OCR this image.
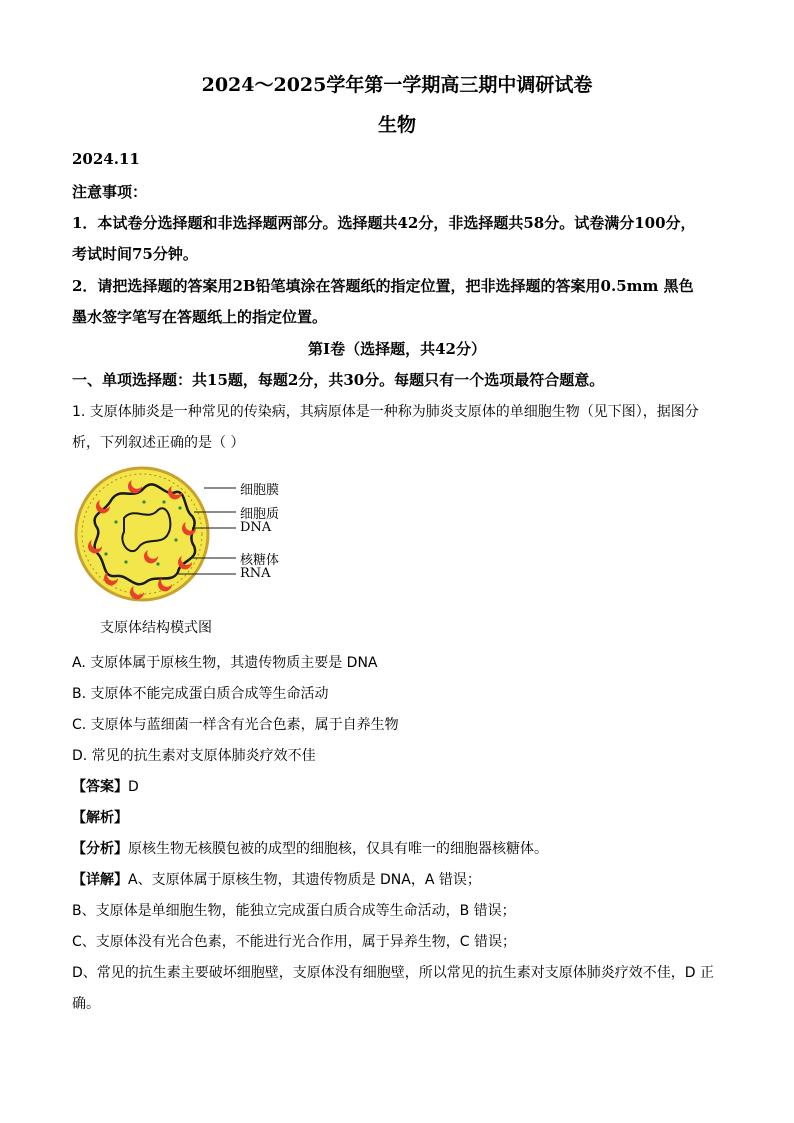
2024～2025学年第一学期高三期中调研试卷
生物
2024.11
注意事项：
1．本试卷分选择题和非选择题两部分。选择题共42分，非选择题共58分。试卷满分100分，
考试时间75分钟。
2．请把选择题的答案用2B铅笔填涂在答题纸的指定位置，把非选择题的答案用0.5mm 黑色
墨水签字笔写在答题纸上的指定位置。
第Ⅰ卷（选择题，共42分）
一、单项选择题：共15题，每题2分，共30分。每题只有一个选项最符合题意。
1. 支原体肺炎是一种常见的传染病，其病原体是一种称为肺炎支原体的单细胞生物（见下图），据图分
析，下列叙述正确的是（ ）
细胞膜
细胞质
DNA
核糖体
RNA
支原体结构模式图
A. 支原体属于原核生物，其遗传物质主要是 DNA
B. 支原体不能完成蛋白质合成等生命活动
C. 支原体与蓝细菌一样含有光合色素，属于自养生物
D. 常见的抗生素对支原体肺炎疗效不佳
【答案】D
【解析】
【分析】原核生物无核膜包被的成型的细胞核，仅具有唯一的细胞器核糖体。
【详解】A、支原体属于原核生物，其遗传物质是 DNA，A 错误；
B、支原体是单细胞生物，能独立完成蛋白质合成等生命活动，B 错误；
C、支原体没有光合色素，不能进行光合作用，属于异养生物，C 错误；
D、常见的抗生素主要破坏细胞壁，支原体没有细胞壁，所以常见的抗生素对支原体肺炎疗效不佳，D 正
确。
